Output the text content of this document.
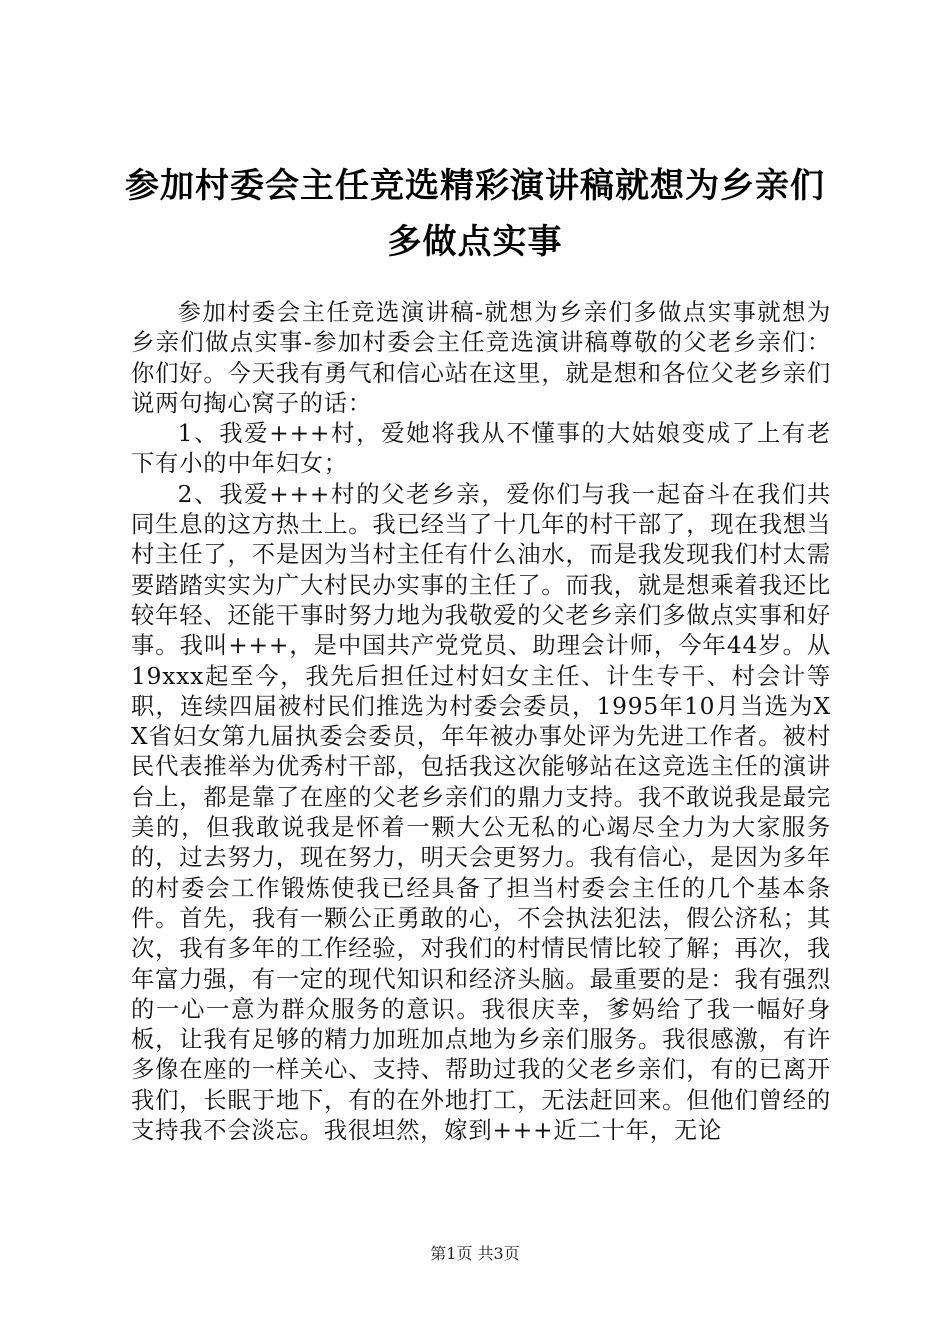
参加村委会主任竞选精彩演讲稿就想为乡亲们
多做点实事

参加村委会主任竞选演讲稿-就想为乡亲们多做点实事就想为乡亲们做点实事-参加村委会主任竞选演讲稿尊敬的父老乡亲们：你们好。今天我有勇气和信心站在这里，就是想和各位父老乡亲们说两句掏心窝子的话：

1、我爱+++村，爱她将我从不懂事的大姑娘变成了上有老下有小的中年妇女；

2、我爱+++村的父老乡亲，爱你们与我一起奋斗在我们共同生息的这方热土上。我已经当了十几年的村干部了，现在我想当村主任了，不是因为当村主任有什么油水，而是我发现我们村太需要踏踏实实为广大村民办实事的主任了。而我，就是想乘着我还比较年轻、还能干事时努力地为我敬爱的父老乡亲们多做点实事和好事。我叫+++，是中国共产党党员、助理会计师，今年44岁。从19xxx起至今，我先后担任过村妇女主任、计生专干、村会计等职，连续四届被村民们推选为村委会委员，1995年10月当选为XX省妇女第九届执委会委员，年年被办事处评为先进工作者。被村民代表推举为优秀村干部，包括我这次能够站在这竞选主任的演讲台上，都是靠了在座的父老乡亲们的鼎力支持。我不敢说我是最完美的，但我敢说我是怀着一颗大公无私的心竭尽全力为大家服务的，过去努力，现在努力，明天会更努力。我有信心，是因为多年的村委会工作锻炼使我已经具备了担当村委会主任的几个基本条件。首先，我有一颗公正勇敢的心，不会执法犯法，假公济私；其次，我有多年的工作经验，对我们的村情民情比较了解；再次，我年富力强，有一定的现代知识和经济头脑。最重要的是：我有强烈的一心一意为群众服务的意识。我很庆幸，爹妈给了我一幅好身板，让我有足够的精力加班加点地为乡亲们服务。我很感激，有许多像在座的一样关心、支持、帮助过我的父老乡亲们，有的已离开我们，长眠于地下，有的在外地打工，无法赶回来。但他们曾经的支持我不会淡忘。我很坦然，嫁到+++近二十年，无论

第1页 共3页
